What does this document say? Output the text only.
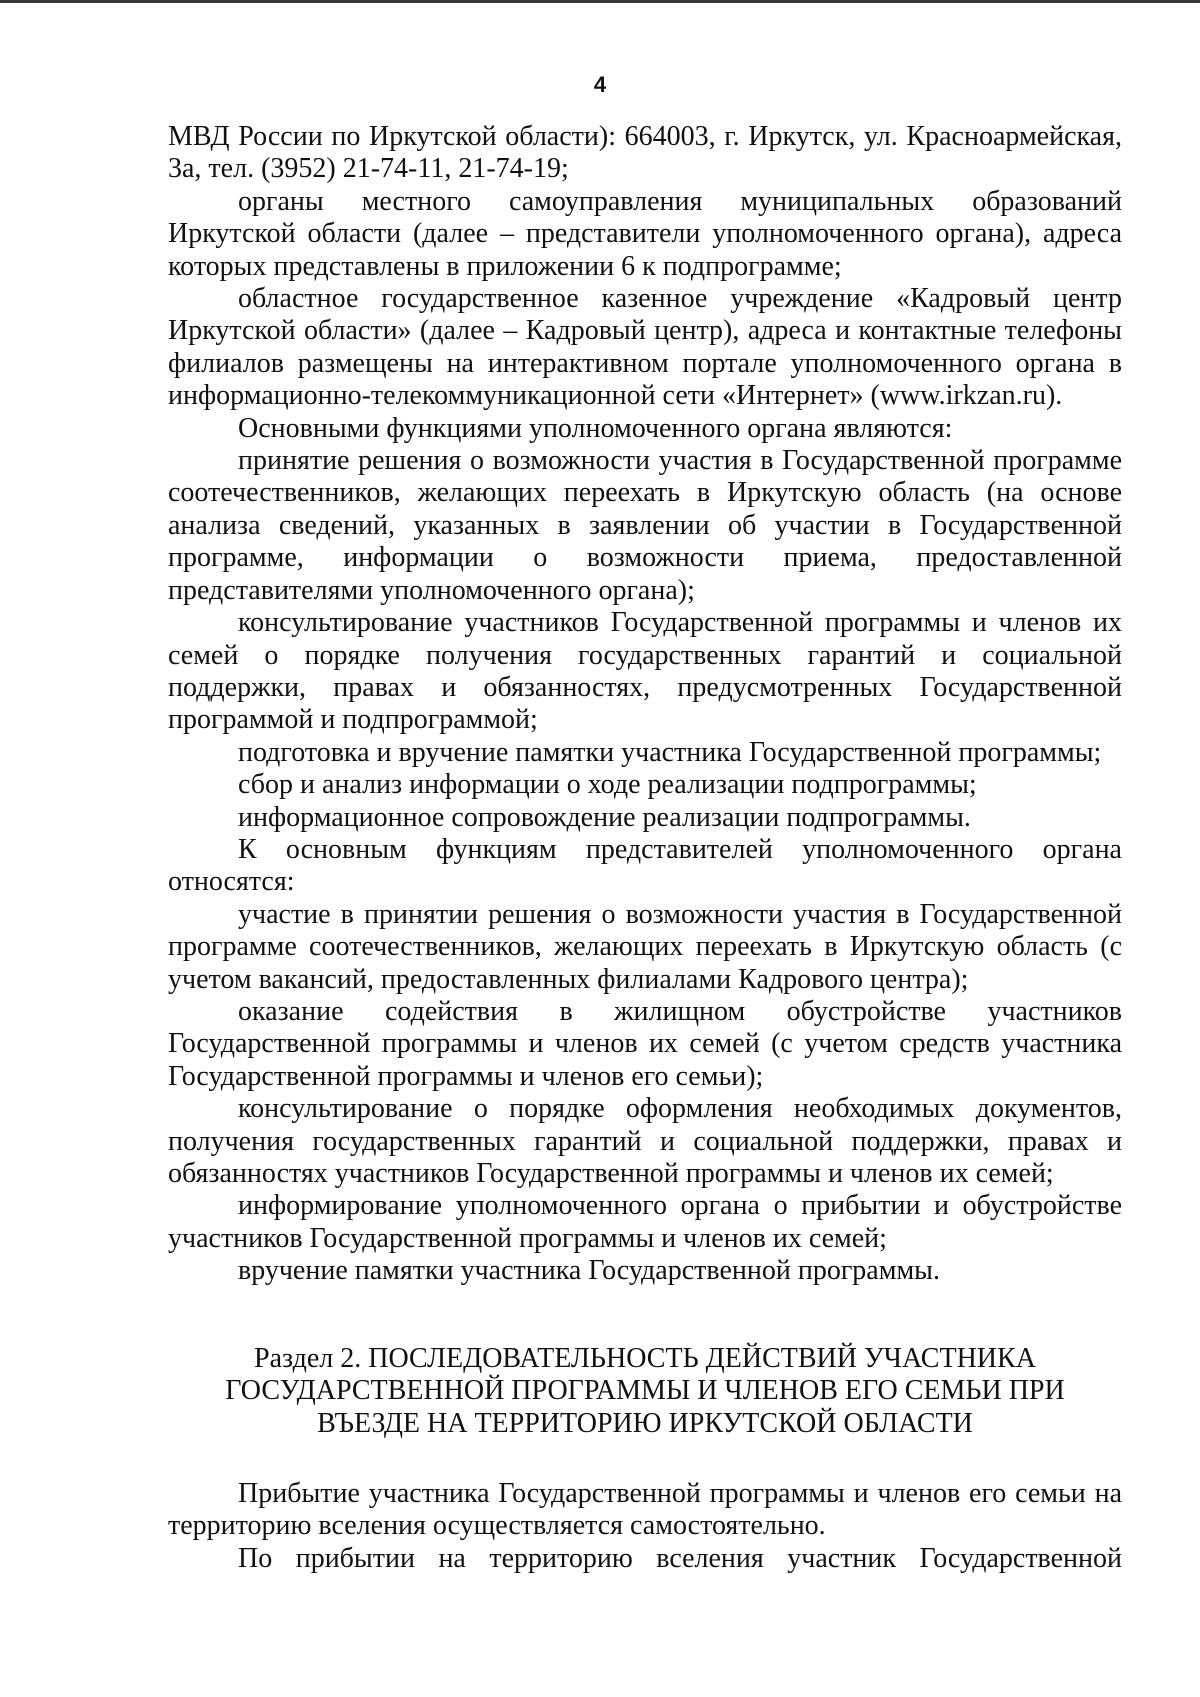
4

МВД России по Иркутской области): 664003, г. Иркутск, ул. Красноармейская, 3а, тел. (3952) 21-74-11, 21-74-19;

органы местного самоуправления муниципальных образований Иркутской области (далее – представители уполномоченного органа), адреса которых представлены в приложении 6 к подпрограмме;

областное государственное казенное учреждение «Кадровый центр Иркутской области» (далее – Кадровый центр), адреса и контактные телефоны филиалов размещены на интерактивном портале уполномоченного органа в информационно-телекоммуникационной сети «Интернет» (www.irkzan.ru).

Основными функциями уполномоченного органа являются:

принятие решения о возможности участия в Государственной программе соотечественников, желающих переехать в Иркутскую область (на основе анализа сведений, указанных в заявлении об участии в Государственной программе, информации о возможности приема, предоставленной представителями уполномоченного органа);

консультирование участников Государственной программы и членов их семей о порядке получения государственных гарантий и социальной поддержки, правах и обязанностях, предусмотренных Государственной программой и подпрограммой;

подготовка и вручение памятки участника Государственной программы;

сбор и анализ информации о ходе реализации подпрограммы;

информационное сопровождение реализации подпрограммы.

К основным функциям представителей уполномоченного органа относятся:

участие в принятии решения о возможности участия в Государственной программе соотечественников, желающих переехать в Иркутскую область (с учетом вакансий, предоставленных филиалами Кадрового центра);

оказание содействия в жилищном обустройстве участников Государственной программы и членов их семей (с учетом средств участника Государственной программы и членов его семьи);

консультирование о порядке оформления необходимых документов, получения государственных гарантий и социальной поддержки, правах и обязанностях участников Государственной программы и членов их семей;

информирование уполномоченного органа о прибытии и обустройстве участников Государственной программы и членов их семей;

вручение памятки участника Государственной программы.

Раздел 2. ПОСЛЕДОВАТЕЛЬНОСТЬ ДЕЙСТВИЙ УЧАСТНИКА

ГОСУДАРСТВЕННОЙ ПРОГРАММЫ И ЧЛЕНОВ ЕГО СЕМЬИ ПРИ

ВЪЕЗДЕ НА ТЕРРИТОРИЮ ИРКУТСКОЙ ОБЛАСТИ

Прибытие участника Государственной программы и членов его семьи на территорию вселения осуществляется самостоятельно.

По прибытии на территорию вселения участник Государственной
